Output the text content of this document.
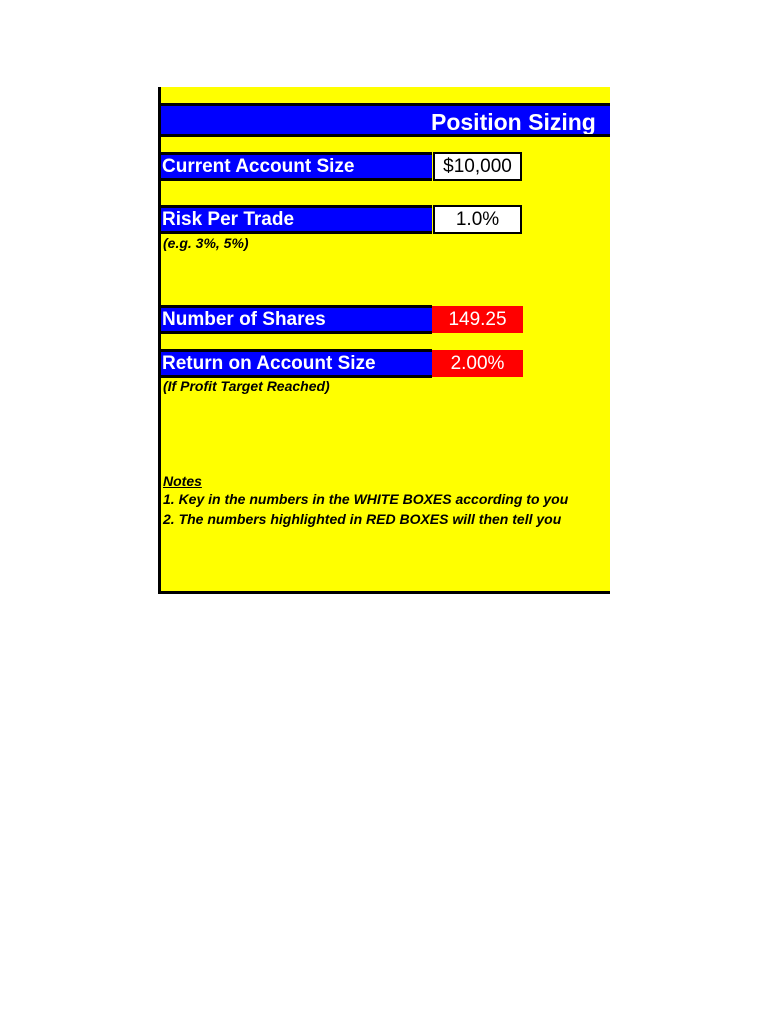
Position Sizing
Current Account Size	$10,000
Risk Per Trade	1.0%
(e.g. 3%, 5%)
Number of Shares	149.25
Return on Account Size	2.00%
(If Profit Target Reached)
Notes
1. Key in the numbers in the WHITE BOXES according to you
2. The numbers highlighted in RED BOXES will then tell you
